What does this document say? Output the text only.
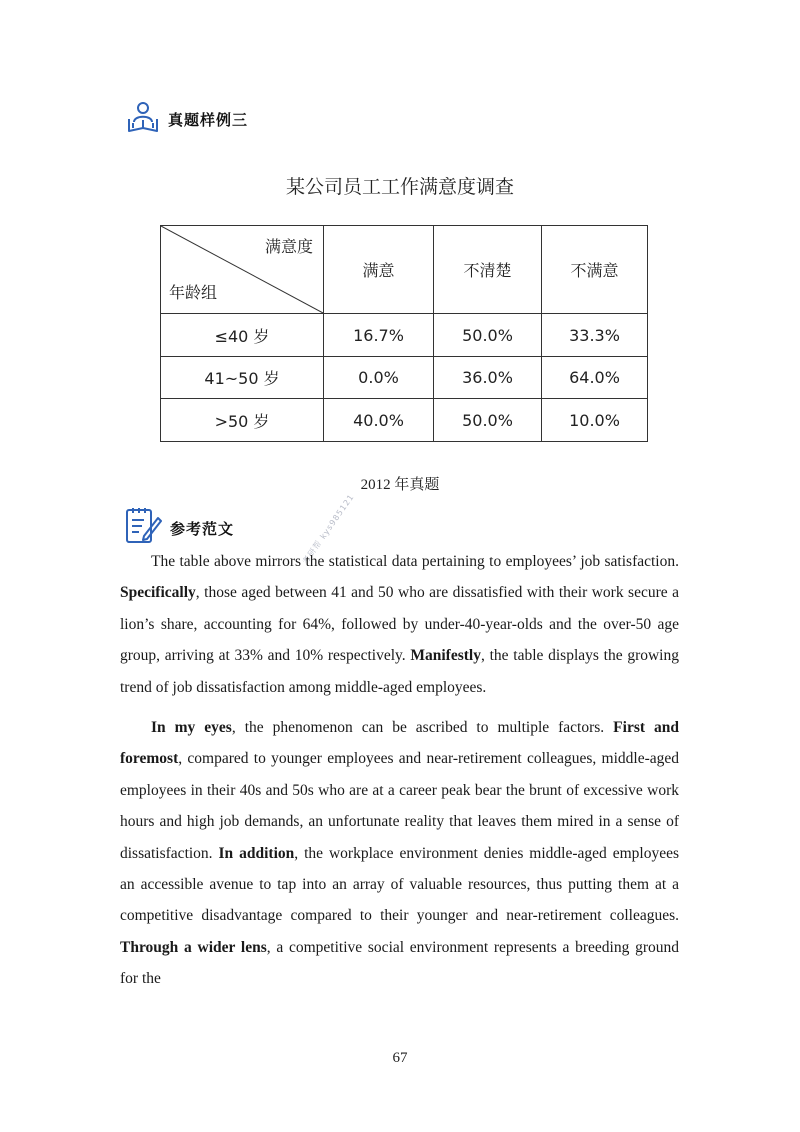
真题样例三
某公司员工工作满意度调查
满意度
年龄组	满意	不清楚	不满意
≤40 岁	16.7%	50.0%	33.3%
41~50 岁	0.0%	36.0%	64.0%
>50 岁	40.0%	50.0%	10.0%
2012 年真题
参考范文	考研帮 kys985121

The table above mirrors the statistical data pertaining to employees’ job satisfaction. Specifically, those aged between 41 and 50 who are dissatisfied with their work secure a lion’s share, accounting for 64%, followed by under-40-year-olds and the over-50 age group, arriving at 33% and 10% respectively. Manifestly, the table displays the growing trend of job dissatisfaction among middle-aged employees.

In my eyes, the phenomenon can be ascribed to multiple factors. First and foremost, compared to younger employees and near-retirement colleagues, middle-aged employees in their 40s and 50s who are at a career peak bear the brunt of excessive work hours and high job demands, an unfortunate reality that leaves them mired in a sense of dissatisfaction. In addition, the workplace environment denies middle-aged employees an accessible avenue to tap into an array of valuable resources, thus putting them at a competitive disadvantage compared to their younger and near-retirement colleagues. Through a wider lens, a competitive social environment represents a breeding ground for the

67
